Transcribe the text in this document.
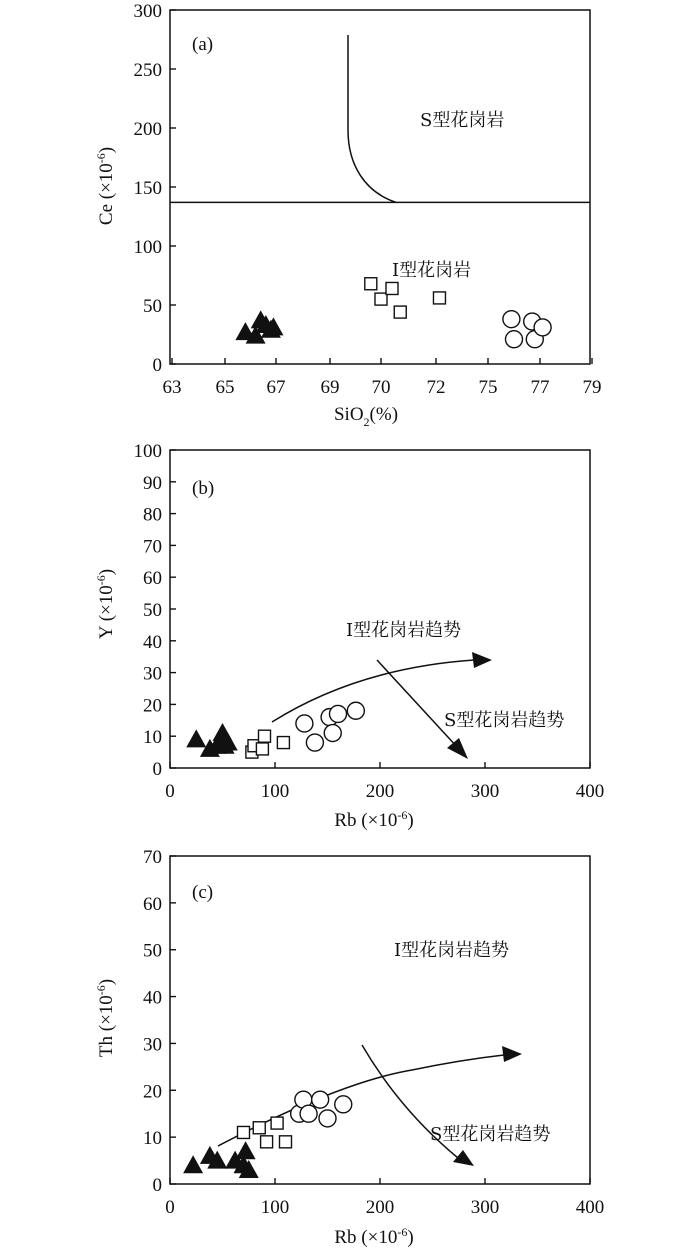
(a)
0
50
100
150
200
250
300
63 65 67 69 70 72 75 77 79
Ce $(\times 10^{-6})$
SiO$_2$(%)
S型花岗岩
I型花岗岩
(b)
0
10
20
30
40
50
60
70
80
90
100
0	100	200	300	400
Y $(\times 10^{-6})$
Rb $(\times 10^{-6})$
I型花岗岩趋势
S型花岗岩趋势
(c)
0
10
20
30
40
50
60
70
0	100	200	300	400
Th $(\times 10^{-6})$
Rb $(\times 10^{-6})$
I型花岗岩趋势
S型花岗岩趋势
